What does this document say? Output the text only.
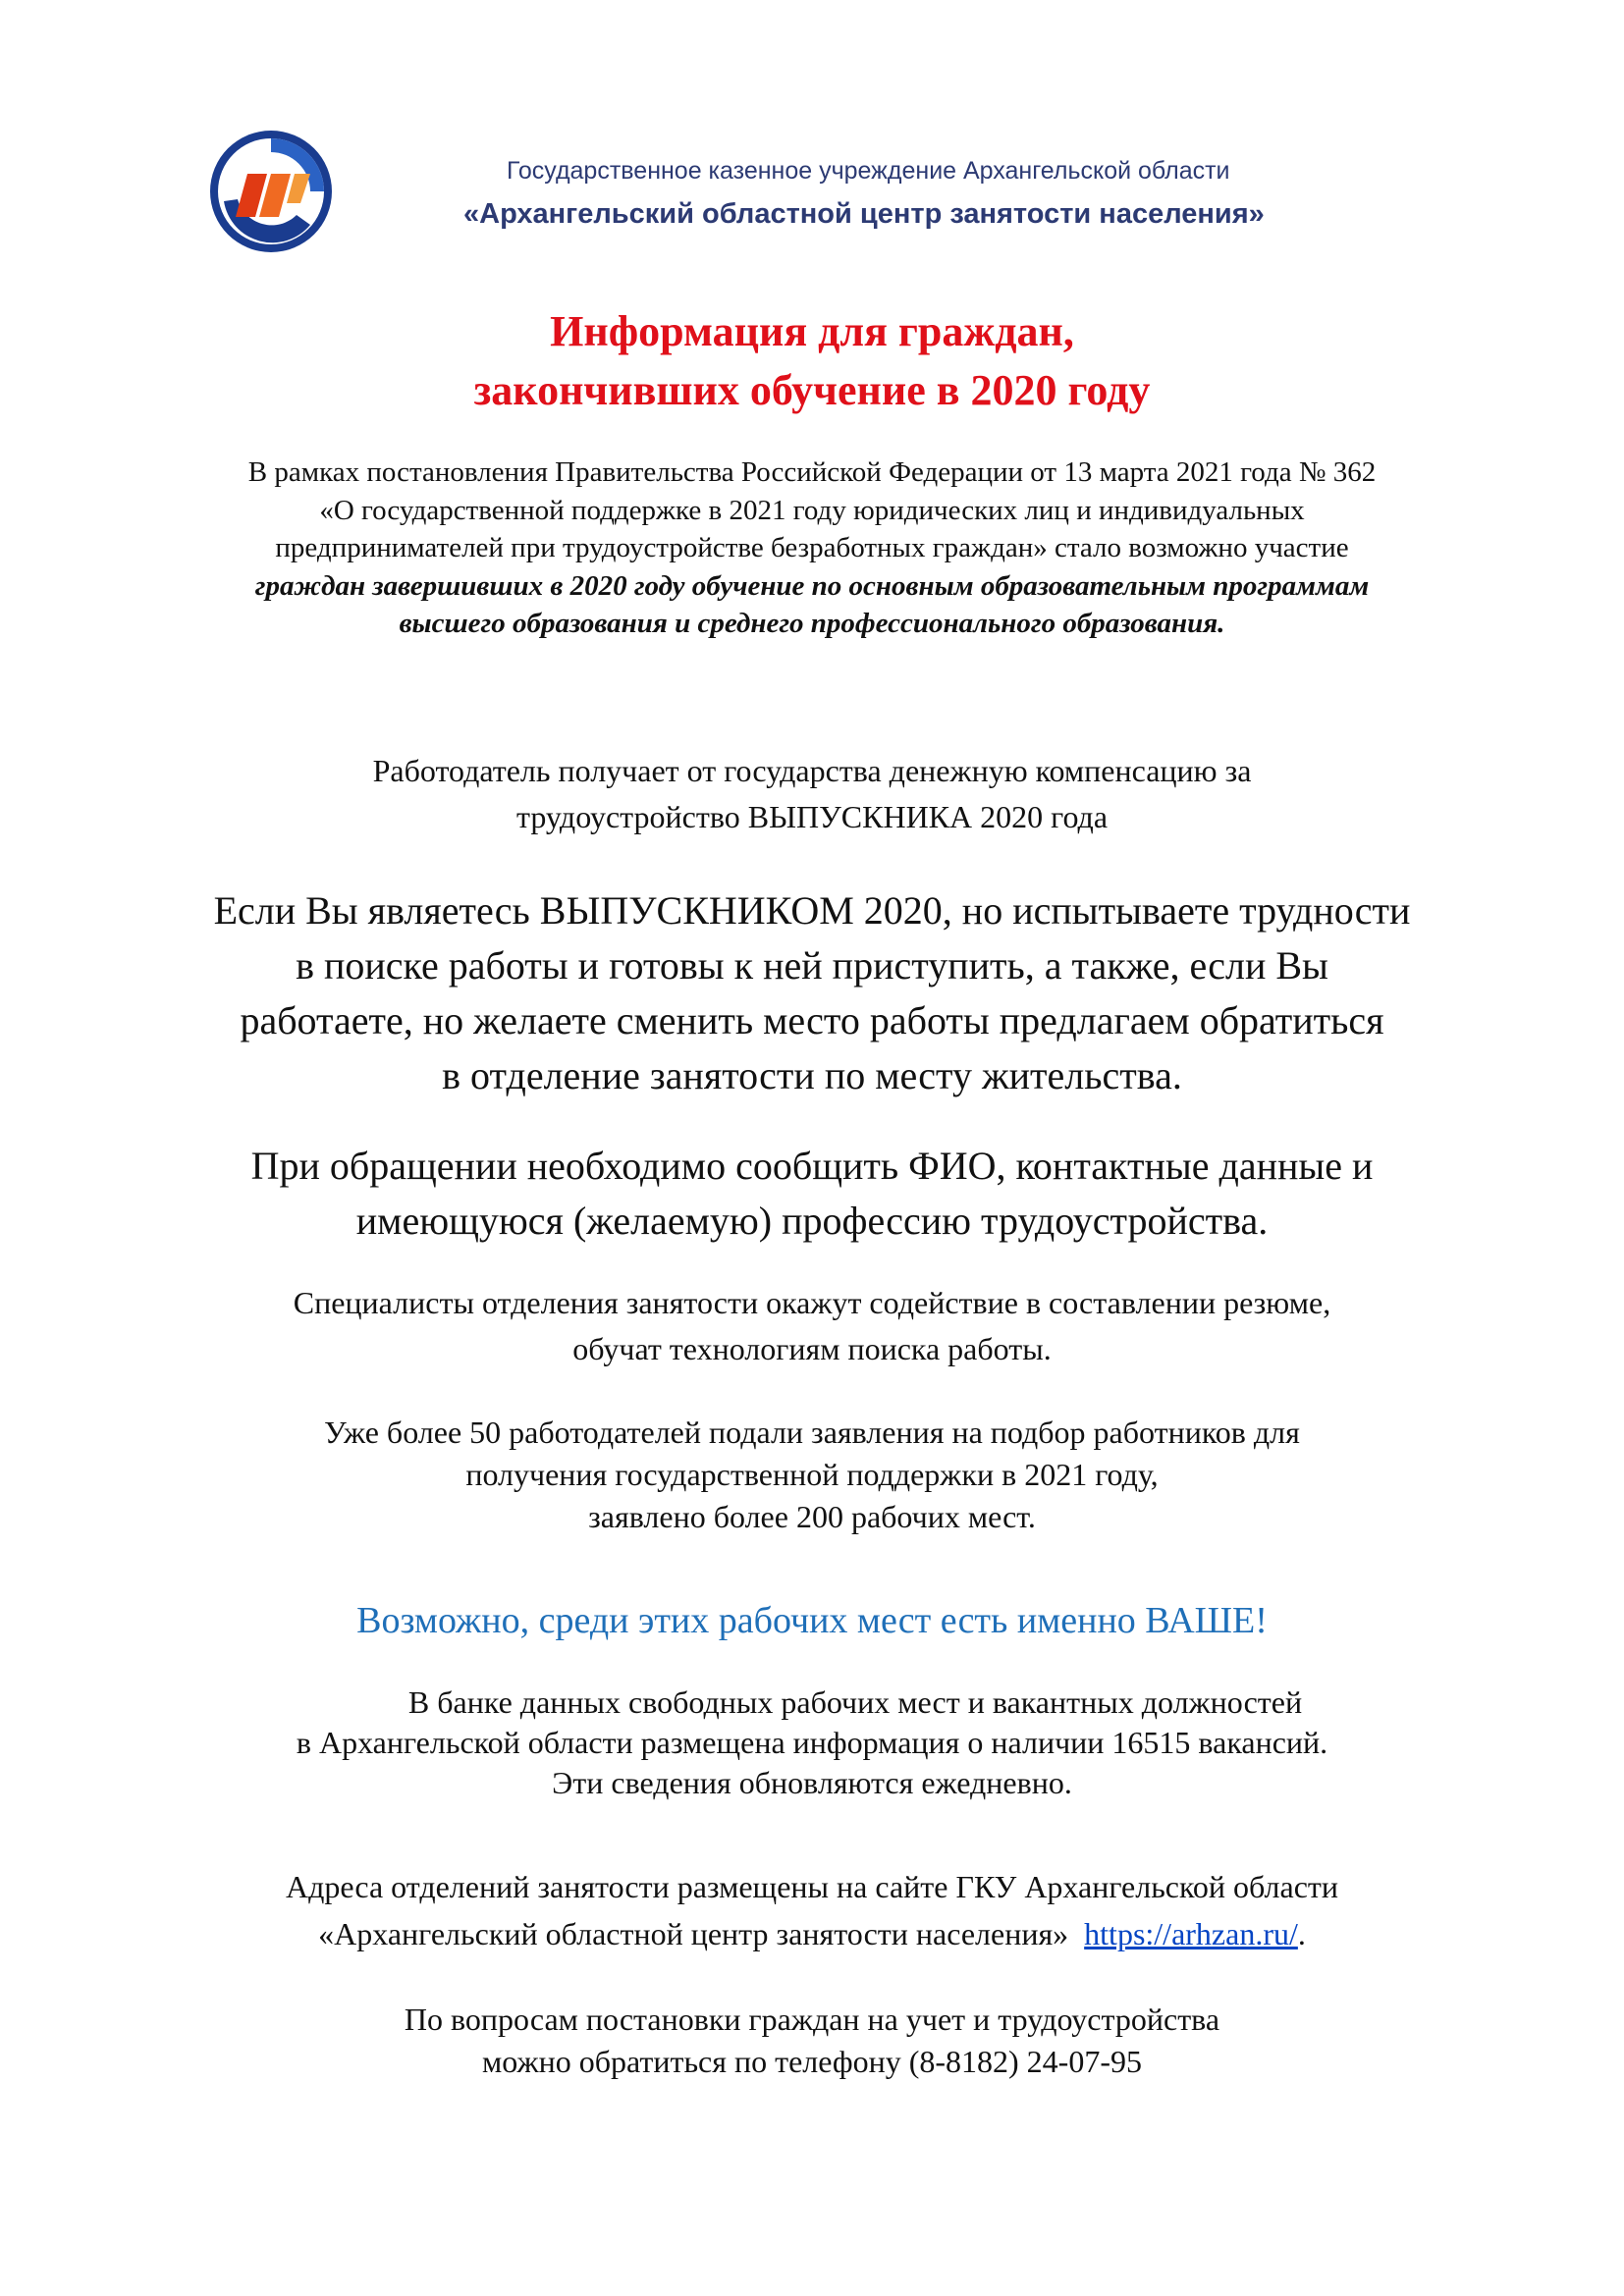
Государственное казенное учреждение Архангельской области
«Архангельский областной центр занятости населения»
Информация для граждан,
закончивших обучение в 2020 году

В рамках постановления Правительства Российской Федерации от 13 марта 2021 года № 362
«О государственной поддержке в 2021 году юридических лиц и индивидуальных
предпринимателей при трудоустройстве безработных граждан» стало возможно участие
граждан завершивших в 2020 году обучение по основным образовательным программам
высшего образования и среднего профессионального образования.

Работодатель получает от государства денежную компенсацию за
трудоустройство ВЫПУСКНИКА 2020 года

Если Вы являетесь ВЫПУСКНИКОМ 2020, но испытываете трудности
в поиске работы и готовы к ней приступить, а также, если Вы
работаете, но желаете сменить место работы предлагаем обратиться
в отделение занятости по месту жительства.

При обращении необходимо сообщить ФИО, контактные данные и
имеющуюся (желаемую) профессию трудоустройства.

Специалисты отделения занятости окажут содействие в составлении резюме,
обучат технологиям поиска работы.

Уже более 50 работодателей подали заявления на подбор работников для
получения государственной поддержки в 2021 году,
заявлено более 200 рабочих мест.

Возможно, среди этих рабочих мест есть именно ВАШЕ!

В банке данных свободных рабочих мест и вакантных должностей
в Архангельской области размещена информация о наличии 16515 вакансий.
Эти сведения обновляются ежедневно.

Адреса отделений занятости размещены на сайте ГКУ Архангельской области
«Архангельский областной центр занятости населения»  https://arhzan.ru/.

По вопросам постановки граждан на учет и трудоустройства
можно обратиться по телефону (8-8182) 24-07-95
